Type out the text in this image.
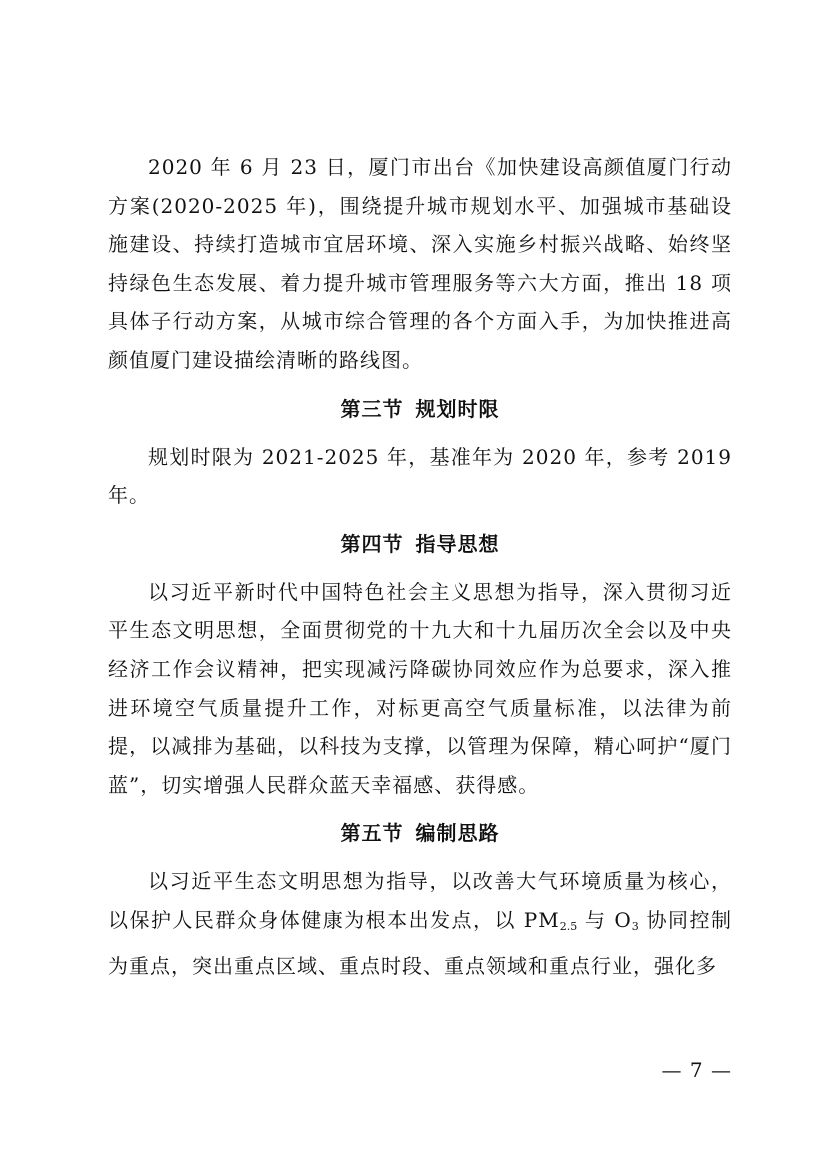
2020 年 6 月 23 日，厦门市出台《加快建设高颜值厦门行动方案(2020-2025 年)，围绕提升城市规划水平、加强城市基础设施建设、持续打造城市宜居环境、深入实施乡村振兴战略、始终坚持绿色生态发展、着力提升城市管理服务等六大方面，推出 18 项具体子行动方案，从城市综合管理的各个方面入手，为加快推进高颜值厦门建设描绘清晰的路线图。

第三节 规划时限

规划时限为 2021-2025 年，基准年为 2020 年，参考 2019 年。

第四节 指导思想

以习近平新时代中国特色社会主义思想为指导，深入贯彻习近平生态文明思想，全面贯彻党的十九大和十九届历次全会以及中央经济工作会议精神，把实现减污降碳协同效应作为总要求，深入推进环境空气质量提升工作，对标更高空气质量标准，以法律为前提，以减排为基础，以科技为支撑，以管理为保障，精心呵护“厦门蓝”，切实增强人民群众蓝天幸福感、获得感。

第五节 编制思路

以习近平生态文明思想为指导，以改善大气环境质量为核心，以保护人民群众身体健康为根本出发点，以 $PM_{2.5}$ 与 $O_3$ 协同控制为重点，突出重点区域、重点时段、重点领域和重点行业，强化多

— 7 —
